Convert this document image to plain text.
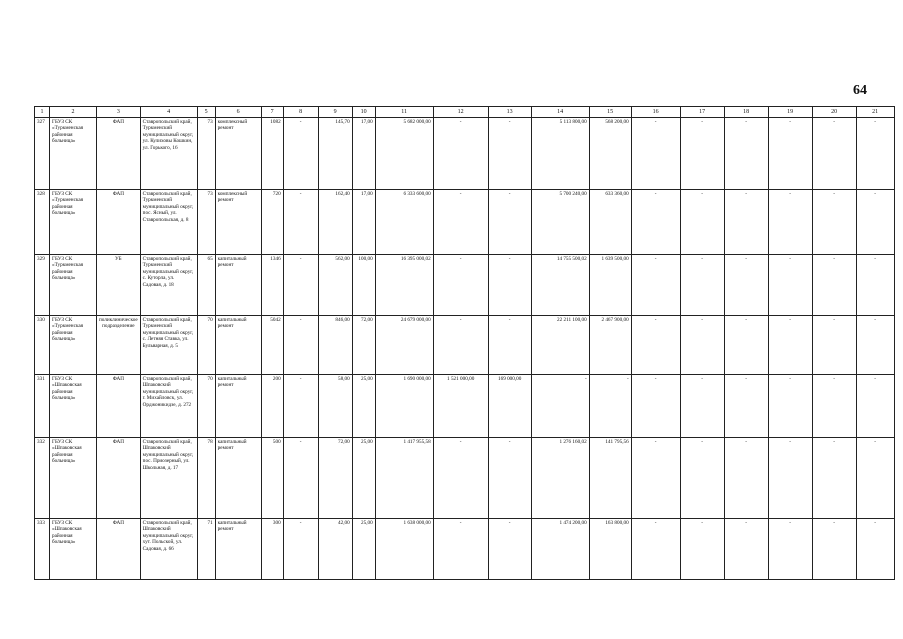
64
1	2	3	4	5	6	7	8	9	10	11	12	13	14	15	16	17	18	19	20	21
327	ГБУЗ СК «Туркменская районная больница»	ФАП	Ставропольский край, Туркменский муниципальный округ, ул. Кулиховы Кошкин, ул. Горького, 16	73	комплексный ремонт	1082	-	145,70	17,00	5 682 000,00	-	-	5 113 800,00	568 200,00	-	-	-	-	-	-
328	ГБУЗ СК «Туркменская районная больница»	ФАП	Ставропольский край, Туркменский муниципальный округ, пос. Ясный, ул. Ставропольская, д. 8	73	комплексный ремонт	720	-	162,40	17,00	6 333 600,00	-	-	5 700 240,00	633 360,00	-	-	-	-	-	-
329	ГБУЗ СК «Туркменская районная больница»	УБ	Ставропольский край, Туркменский муниципальный округ, с. Куторла, ул. Садовая, д. 18	65	капитальный ремонт	1346	-	562,00	100,00	16 395 000,02	-	-	14 755 500,02	1 639 500,00	-	-	-	-	-	-
330	ГБУЗ СК «Туркменская районная больница»	поликлиническое подразделение	Ставропольский край, Туркменский муниципальный округ, с. Летняя Ставка, ул. Бульварная, д. 5	70	капитальный ремонт	5042	-	846,00	72,00	24 679 000,00	-	-	22 211 100,00	2 467 900,00	-	-	-	-	-	-
331	ГБУЗ СК «Шпаковская районная больница»	ФАП	Ставропольский край, Шпаковский муниципальный округ, г. Михайловск, ул. Орджоникидзе, д. 272	70	капитальный ремонт	200	-	58,00	25,00	1 690 000,00	1 521 000,00	169 000,00	-	-	-	-	-	-	-	-
332	ГБУЗ СК «Шпаковская районная больница»	ФАП	Ставропольский край, Шпаковский муниципальный округ, пос. Приозерный, ул. Школьная, д. 17	78	капитальный ремонт	500	-	72,00	25,00	1 417 955,58	-	-	1 276 160,02	141 795,56	-	-	-	-	-	-
333	ГБУЗ СК «Шпаковская районная больница»	ФАП	Ставропольский край, Шпаковский муниципальный округ, хут. Польской, ул. Садовая, д. 66	71	капитальный ремонт	300	-	42,00	25,00	1 638 000,00	-	-	1 474 200,00	163 800,00	-	-	-	-	-	-
